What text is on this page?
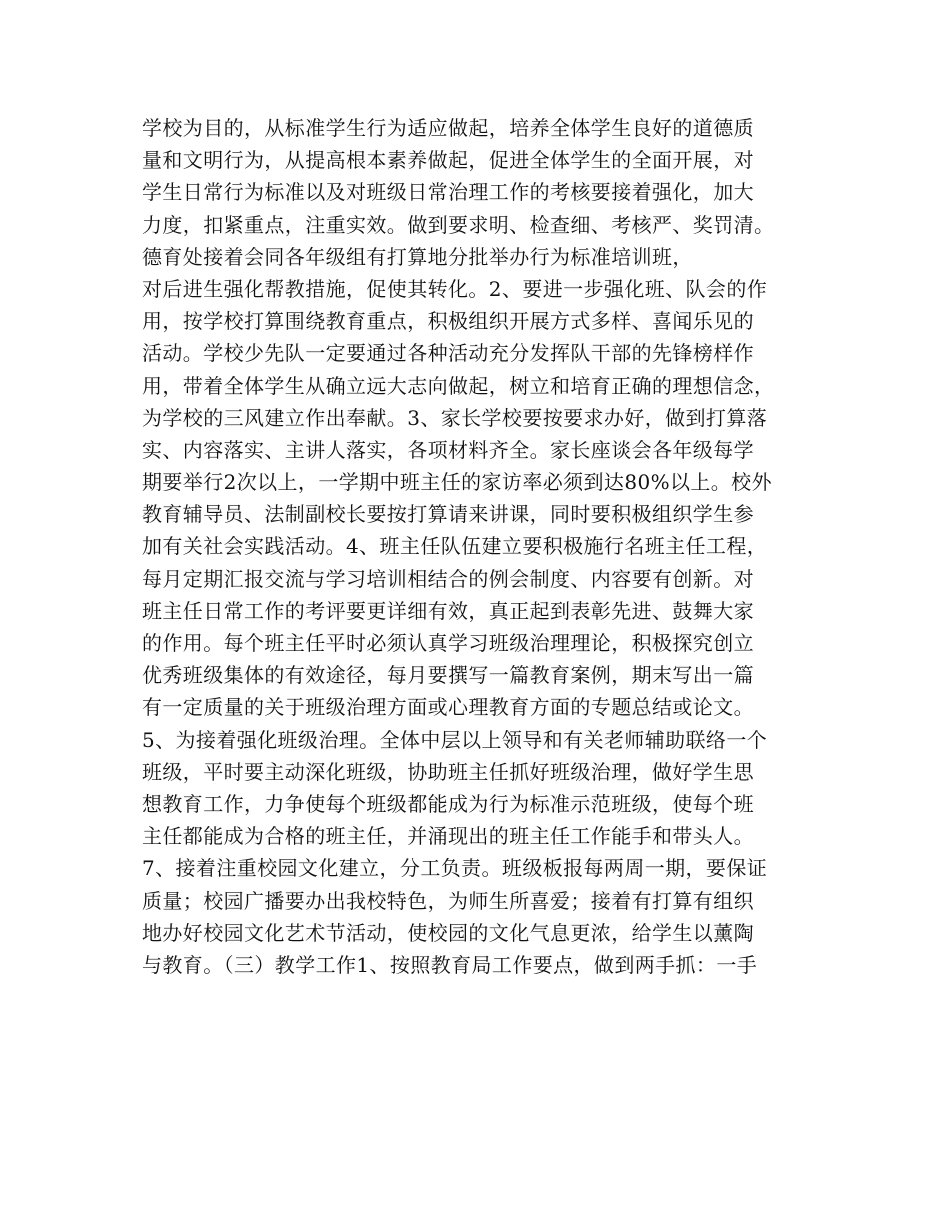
学校为目的，从标准学生行为适应做起，培养全体学生良好的道德质
量和文明行为，从提高根本素养做起，促进全体学生的全面开展，对
学生日常行为标准以及对班级日常治理工作的考核要接着强化，加大
力度，扣紧重点，注重实效。做到要求明、检查细、考核严、奖罚清。
德育处接着会同各年级组有打算地分批举办行为标准培训班，
对后进生强化帮教措施，促使其转化。2、要进一步强化班、队会的作
用，按学校打算围绕教育重点，积极组织开展方式多样、喜闻乐见的
活动。学校少先队一定要通过各种活动充分发挥队干部的先锋榜样作
用，带着全体学生从确立远大志向做起，树立和培育正确的理想信念，
为学校的三风建立作出奉献。3、家长学校要按要求办好，做到打算落
实、内容落实、主讲人落实，各项材料齐全。家长座谈会各年级每学
期要举行2次以上，一学期中班主任的家访率必须到达80%以上。校外
教育辅导员、法制副校长要按打算请来讲课，同时要积极组织学生参
加有关社会实践活动。4、班主任队伍建立要积极施行名班主任工程，
每月定期汇报交流与学习培训相结合的例会制度、内容要有创新。对
班主任日常工作的考评要更详细有效，真正起到表彰先进、鼓舞大家
的作用。每个班主任平时必须认真学习班级治理理论，积极探究创立
优秀班级集体的有效途径，每月要撰写一篇教育案例，期末写出一篇
有一定质量的关于班级治理方面或心理教育方面的专题总结或论文。
5、为接着强化班级治理。全体中层以上领导和有关老师辅助联络一个
班级，平时要主动深化班级，协助班主任抓好班级治理，做好学生思
想教育工作，力争使每个班级都能成为行为标准示范班级，使每个班
主任都能成为合格的班主任，并涌现出的班主任工作能手和带头人。
7、接着注重校园文化建立，分工负责。班级板报每两周一期，要保证
质量；校园广播要办出我校特色，为师生所喜爱；接着有打算有组织
地办好校园文化艺术节活动，使校园的文化气息更浓，给学生以薰陶
与教育。（三）教学工作1、按照教育局工作要点，做到两手抓：一手
